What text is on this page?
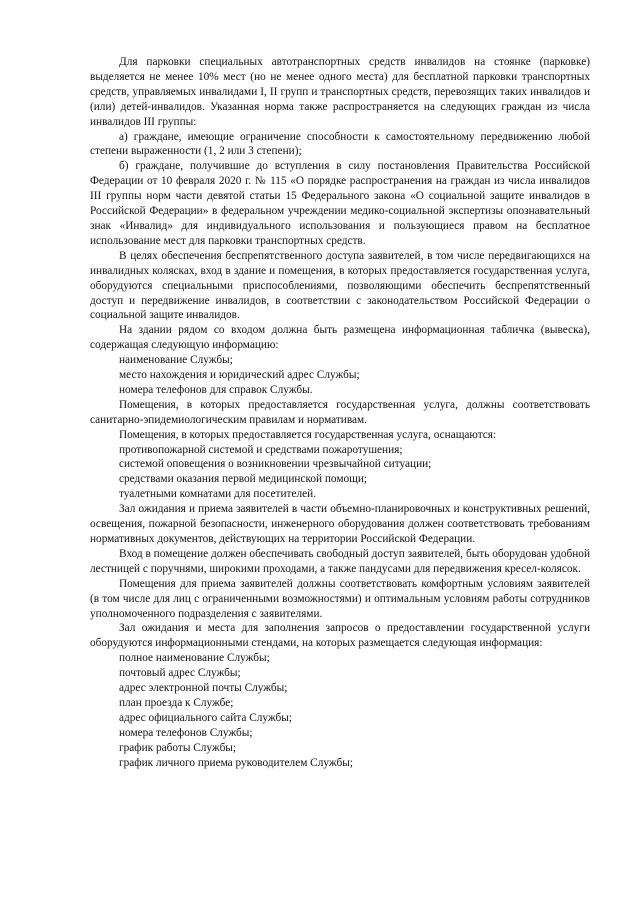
Для парковки специальных автотранспортных средств инвалидов на стоянке (парковке) выделяется не менее 10% мест (но не менее одного места) для бесплатной парковки транспортных средств, управляемых инвалидами I, II групп и транспортных средств, перевозящих таких инвалидов и (или) детей-инвалидов. Указанная норма также распространяется на следующих граждан из числа инвалидов III группы:

а) граждане, имеющие ограничение способности к самостоятельному передвижению любой степени выраженности (1, 2 или 3 степени);

б) граждане, получившие до вступления в силу постановления Правительства Российской Федерации от 10 февраля 2020 г. № 115 «О порядке распространения на граждан из числа инвалидов III группы норм части девятой статьи 15 Федерального закона «О социальной защите инвалидов в Российской Федерации» в федеральном учреждении медико-социальной экспертизы опознавательный знак «Инвалид» для индивидуального использования и пользующиеся правом на бесплатное использование мест для парковки транспортных средств.

В целях обеспечения беспрепятственного доступа заявителей, в том числе передвигающихся на инвалидных колясках, вход в здание и помещения, в которых предоставляется государственная услуга, оборудуются специальными приспособлениями, позволяющими обеспечить беспрепятственный доступ и передвижение инвалидов, в соответствии с законодательством Российской Федерации о социальной защите инвалидов.

На здании рядом со входом должна быть размещена информационная табличка (вывеска), содержащая следующую информацию:

наименование Службы;

место нахождения и юридический адрес Службы;

номера телефонов для справок Службы.

Помещения, в которых предоставляется государственная услуга, должны соответствовать санитарно-эпидемиологическим правилам и нормативам.

Помещения, в которых предоставляется государственная услуга, оснащаются:

противопожарной системой и средствами пожаротушения;

системой оповещения о возникновении чрезвычайной ситуации;

средствами оказания первой медицинской помощи;

туалетными комнатами для посетителей.

Зал ожидания и приема заявителей в части объемно-планировочных и конструктивных решений, освещения, пожарной безопасности, инженерного оборудования должен соответствовать требованиям нормативных документов, действующих на территории Российской Федерации.

Вход в помещение должен обеспечивать свободный доступ заявителей, быть оборудован удобной лестницей с поручнями, широкими проходами, а также пандусами для передвижения кресел-колясок.

Помещения для приема заявителей должны соответствовать комфортным условиям заявителей (в том числе для лиц с ограниченными возможностями) и оптимальным условиям работы сотрудников уполномоченного подразделения с заявителями.

Зал ожидания и места для заполнения запросов о предоставлении государственной услуги оборудуются информационными стендами, на которых размещается следующая информация:

полное наименование Службы;

почтовый адрес Службы;

адрес электронной почты Службы;

план проезда к Службе;

адрес официального сайта Службы;

номера телефонов Службы;

график работы Службы;

график личного приема руководителем Службы;
